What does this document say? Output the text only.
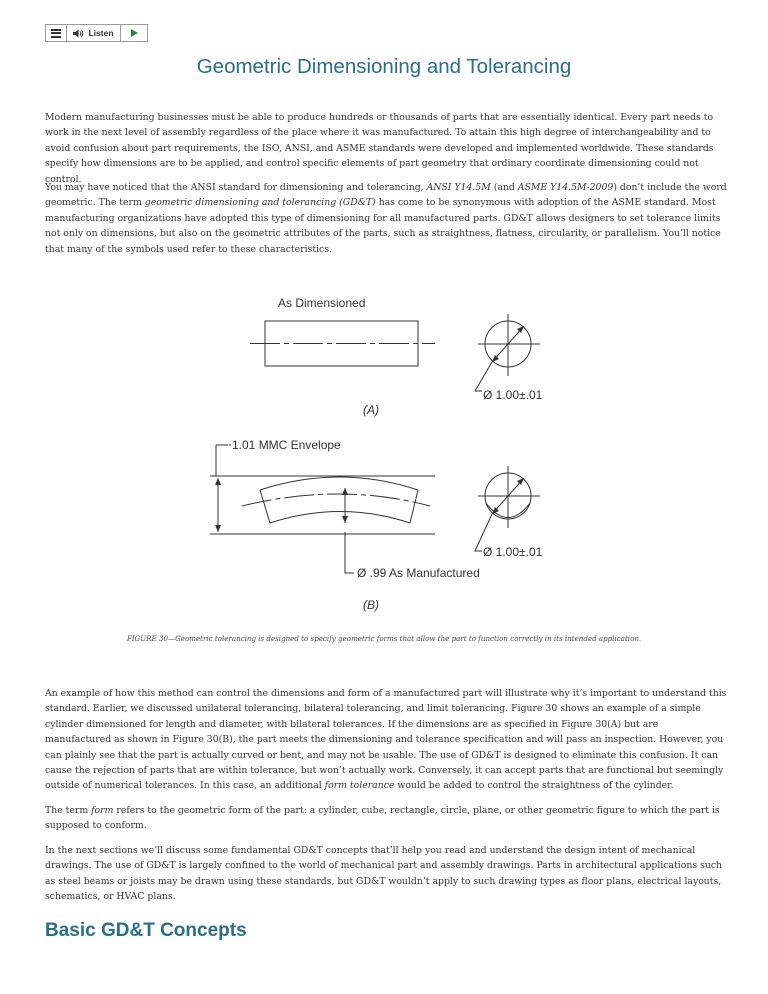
Listen
Geometric Dimensioning and Tolerancing

Modern manufacturing businesses must be able to produce hundreds or thousands of parts that are essentially identical. Every part needs to work in the next level of assembly regardless of the place where it was manufactured. To attain this high degree of interchangeability and to avoid confusion about part requirements, the ISO, ANSI, and ASME standards were developed and implemented worldwide. These standards specify how dimensions are to be applied, and control specific elements of part geometry that ordinary coordinate dimensioning could not control.

You may have noticed that the ANSI standard for dimensioning and tolerancing, ANSI Y14.5M (and ASME Y14.5M-2009) don’t include the word geometric. The term geometric dimensioning and tolerancing (GD&T) has come to be synonymous with adoption of the ASME standard. Most manufacturing organizations have adopted this type of dimensioning for all manufactured parts. GD&T allows designers to set tolerance limits not only on dimensions, but also on the geometric attributes of the parts, such as straightness, flatness, circularity, or parallelism. You’ll notice that many of the symbols used refer to these characteristics.

As Dimensioned
Ø 1.00±.01
(A)
1.01 MMC Envelope
Ø 1.00±.01
Ø .99 As Manufactured
(B)

FIGURE 30—Geometric tolerancing is designed to specify geometric forms that allow the part to function correctly in its intended application.

An example of how this method can control the dimensions and form of a manufactured part will illustrate why it’s important to understand this standard. Earlier, we discussed unilateral tolerancing, bilateral tolerancing, and limit tolerancing. Figure 30 shows an example of a simple cylinder dimensioned for length and diameter, with bilateral tolerances. If the dimensions are as specified in Figure 30(A) but are manufactured as shown in Figure 30(B), the part meets the dimensioning and tolerance specification and will pass an inspection. However, you can plainly see that the part is actually curved or bent, and may not be usable. The use of GD&T is designed to eliminate this confusion. It can cause the rejection of parts that are within tolerance, but won’t actually work. Conversely, it can accept parts that are functional but seemingly outside of numerical tolerances. In this case, an additional form tolerance would be added to control the straightness of the cylinder.

The term form refers to the geometric form of the part: a cylinder, cube, rectangle, circle, plane, or other geometric figure to which the part is supposed to conform.

In the next sections we’ll discuss some fundamental GD&T concepts that’ll help you read and understand the design intent of mechanical drawings. The use of GD&T is largely confined to the world of mechanical part and assembly drawings. Parts in architectural applications such as steel beams or joists may be drawn using these standards, but GD&T wouldn’t apply to such drawing types as floor plans, electrical layouts, schematics, or HVAC plans.

Basic GD&T Concepts
